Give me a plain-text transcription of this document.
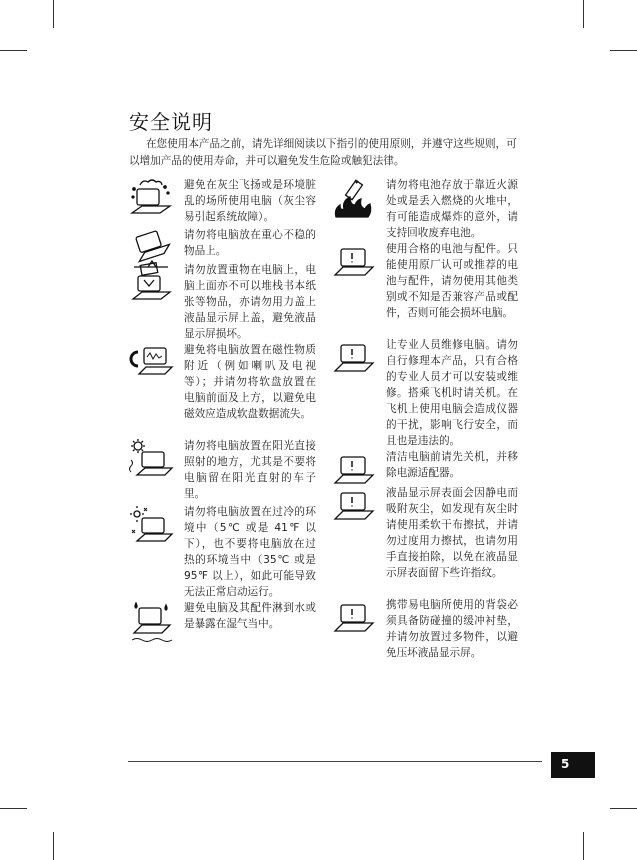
安全说明

在您使用本产品之前，请先详细阅读以下指引的使用原则，并遵守这些规则，可以增加产品的使用寿命，并可以避免发生危险或触犯法律。

避免在灰尘飞扬或是环境脏乱的场所使用电脑（灰尘容易引起系统故障）。

请勿将电脑放在重心不稳的物品上。

请勿放置重物在电脑上，电脑上面亦不可以堆栈书本纸张等物品，亦请勿用力盖上液晶显示屏上盖，避免液晶显示屏损坏。

避免将电脑放置在磁性物质附近（例如喇叭及电视等）；并请勿将软盘放置在电脑前面及上方，以避免电磁效应造成软盘数据流失。

请勿将电脑放置在阳光直接照射的地方，尤其是不要将电脑留在阳光直射的车子里。

请勿将电脑放置在过冷的环境中（5℃ 或是 41℉ 以下），也不要将电脑放在过热的环境当中（35℃ 或是 95℉ 以上），如此可能导致无法正常启动运行。

避免电脑及其配件淋到水或是暴露在湿气当中。

请勿将电池存放于靠近火源处或是丢入燃烧的火堆中，有可能造成爆炸的意外，请支持回收废弃电池。

使用合格的电池与配件。只能使用原厂认可或推荐的电池与配件，请勿使用其他类别或不知是否兼容产品或配件，否则可能会损坏电脑。

让专业人员维修电脑。请勿自行修理本产品，只有合格的专业人员才可以安装或维修。搭乘飞机时请关机。在飞机上使用电脑会造成仪器的干扰，影响飞行安全，而且也是违法的。

清洁电脑前请先关机，并移除电源适配器。

液晶显示屏表面会因静电而吸附灰尘，如发现有灰尘时请使用柔软干布擦拭，并请勿过度用力擦拭，也请勿用手直接拍除，以免在液晶显示屏表面留下些许指纹。

携带易电脑所使用的背袋必须具备防碰撞的缓冲衬垫，并请勿放置过多物件，以避免压坏液晶显示屏。

5
